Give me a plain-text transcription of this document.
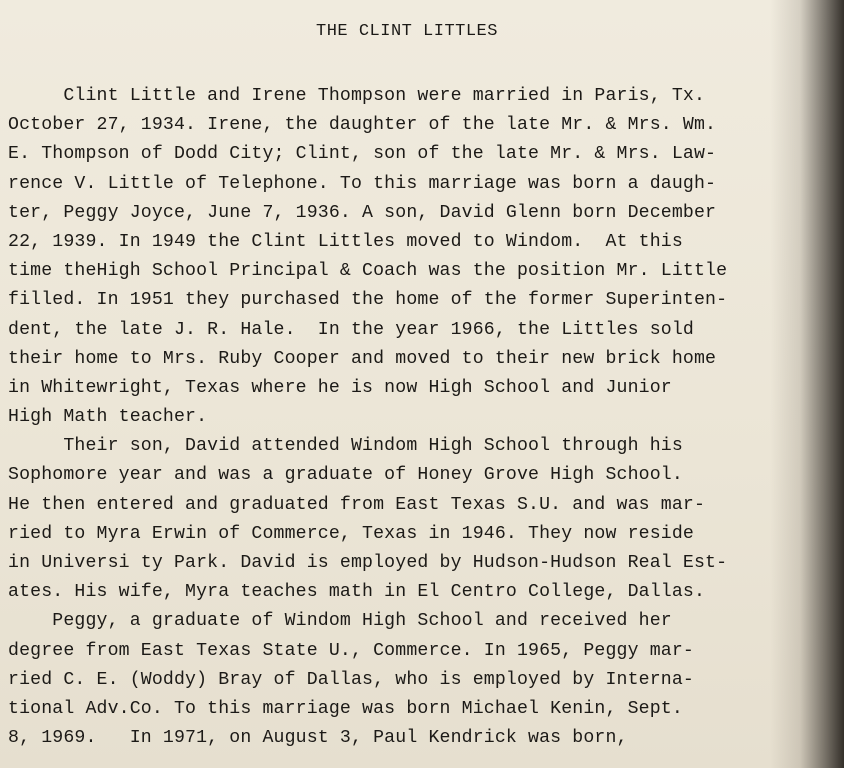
THE CLINT LITTLES
Clint Little and Irene Thompson were married in Paris, Tx.
October 27, 1934. Irene, the daughter of the late Mr. & Mrs. Wm.
E. Thompson of Dodd City; Clint, son of the late Mr. & Mrs. Law-
rence V. Little of Telephone. To this marriage was born a daugh-
ter, Peggy Joyce, June 7, 1936. A son, David Glenn born December
22, 1939. In 1949 the Clint Littles moved to Windom.  At this
time theHigh School Principal & Coach was the position Mr. Little
filled. In 1951 they purchased the home of the former Superinten-
dent, the late J. R. Hale.  In the year 1966, the Littles sold
their home to Mrs. Ruby Cooper and moved to their new brick home
in Whitewright, Texas where he is now High School and Junior
High Math teacher.
Their son, David attended Windom High School through his
Sophomore year and was a graduate of Honey Grove High School.
He then entered and graduated from East Texas S.U. and was mar-
ried to Myra Erwin of Commerce, Texas in 1946. They now reside
in Universi ty Park. David is employed by Hudson-Hudson Real Est-
ates. His wife, Myra teaches math in El Centro College, Dallas.
Peggy, a graduate of Windom High School and received her
degree from East Texas State U., Commerce. In 1965, Peggy mar-
ried C. E. (Woddy) Bray of Dallas, who is employed by Interna-
tional Adv.Co. To this marriage was born Michael Kenin, Sept.
8, 1969.   In 1971, on August 3, Paul Kendrick was born,
